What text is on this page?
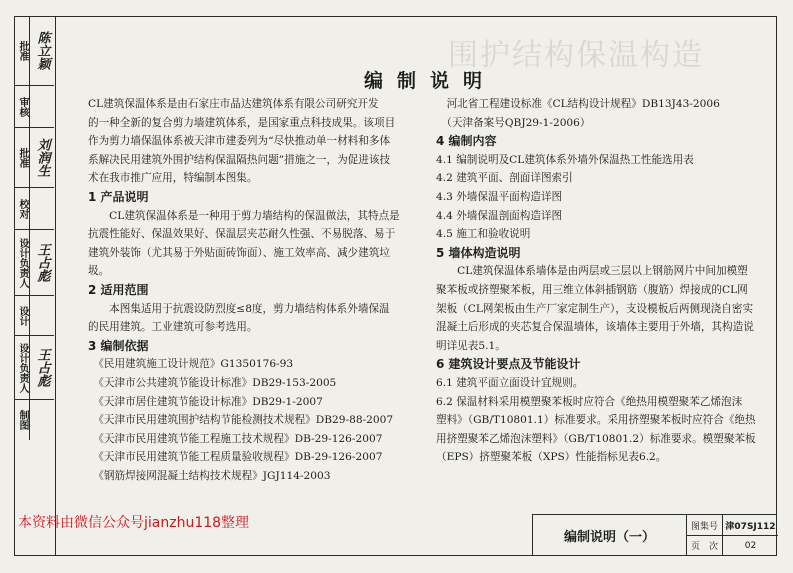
围护结构保温构造
批准 陈立颖
审核
批准 刘润生
校对
设计负责人 王占彪
设计
设计负责人 王占彪
制图
编制说明

CL建筑保温体系是由石家庄市晶达建筑体系有限公司研究开发

的一种全新的复合剪力墙建筑体系，是国家重点科技成果。该项目

作为剪力墙保温体系被天津市建委列为“尽快推动单一材料和多体

系解决民用建筑外围护结构保温隔热问题”措施之一，为促进该技

术在我市推广应用，特编制本图集。

1 产品说明

　　CL建筑保温体系是一种用于剪力墙结构的保温做法，其特点是

抗震性能好、保温效果好、保温层夹芯耐久性强、不易脱落、易于

建筑外装饰（尤其易于外贴面砖饰面）、施工效率高、减少建筑垃

圾。

2 适用范围

　　本图集适用于抗震设防烈度≤8度，剪力墙结构体系外墙保温

的民用建筑。工业建筑可参考选用。

3 编制依据

　《民用建筑施工设计规范》G1350176-93

　《天津市公共建筑节能设计标准》DB29-153-2005

　《天津市居住建筑节能设计标准》DB29-1-2007

　《天津市民用建筑围护结构节能检测技术规程》DB29-88-2007

　《天津市民用建筑节能工程施工技术规程》DB-29-126-2007

　《天津市民用建筑节能工程质量验收规程》DB-29-126-2007

　《钢筋焊接网混凝土结构技术规程》JGJ114-2003

　河北省工程建设标准《CL结构设计规程》DB13J43-2006

　（天津备案号QBJ29-1-2006）

4 编制内容

4.1 编制说明及CL建筑体系外墙外保温热工性能选用表

4.2 建筑平面、剖面详图索引

4.3 外墙保温平面构造详图

4.4 外墙保温剖面构造详图

4.5 施工和验收说明

5 墙体构造说明

　　CL建筑保温体系墙体是由两层或三层以上钢筋网片中间加模塑

聚苯板或挤塑聚苯板，用三维立体斜插钢筋（腹筋）焊接成的CL网

架板（CL网架板由生产厂家定制生产），支设模板后两侧现浇自密实

混凝土后形成的夹芯复合保温墙体，该墙体主要用于外墙，其构造说

明详见表5.1。

6 建筑设计要点及节能设计

6.1 建筑平面立面设计宜规则。

6.2 保温材料采用模塑聚苯板时应符合《绝热用模塑聚苯乙烯泡沫

塑料》（GB/T10801.1）标准要求。采用挤塑聚苯板时应符合《绝热

用挤塑聚苯乙烯泡沫塑料》（GB/T10801.2）标准要求。模塑聚苯板

（EPS）挤塑聚苯板（XPS）性能指标见表6.2。

本资料由微信公众号jianzhu118整理
编制说明（一）
图集号 津07SJ112
页　次	02
